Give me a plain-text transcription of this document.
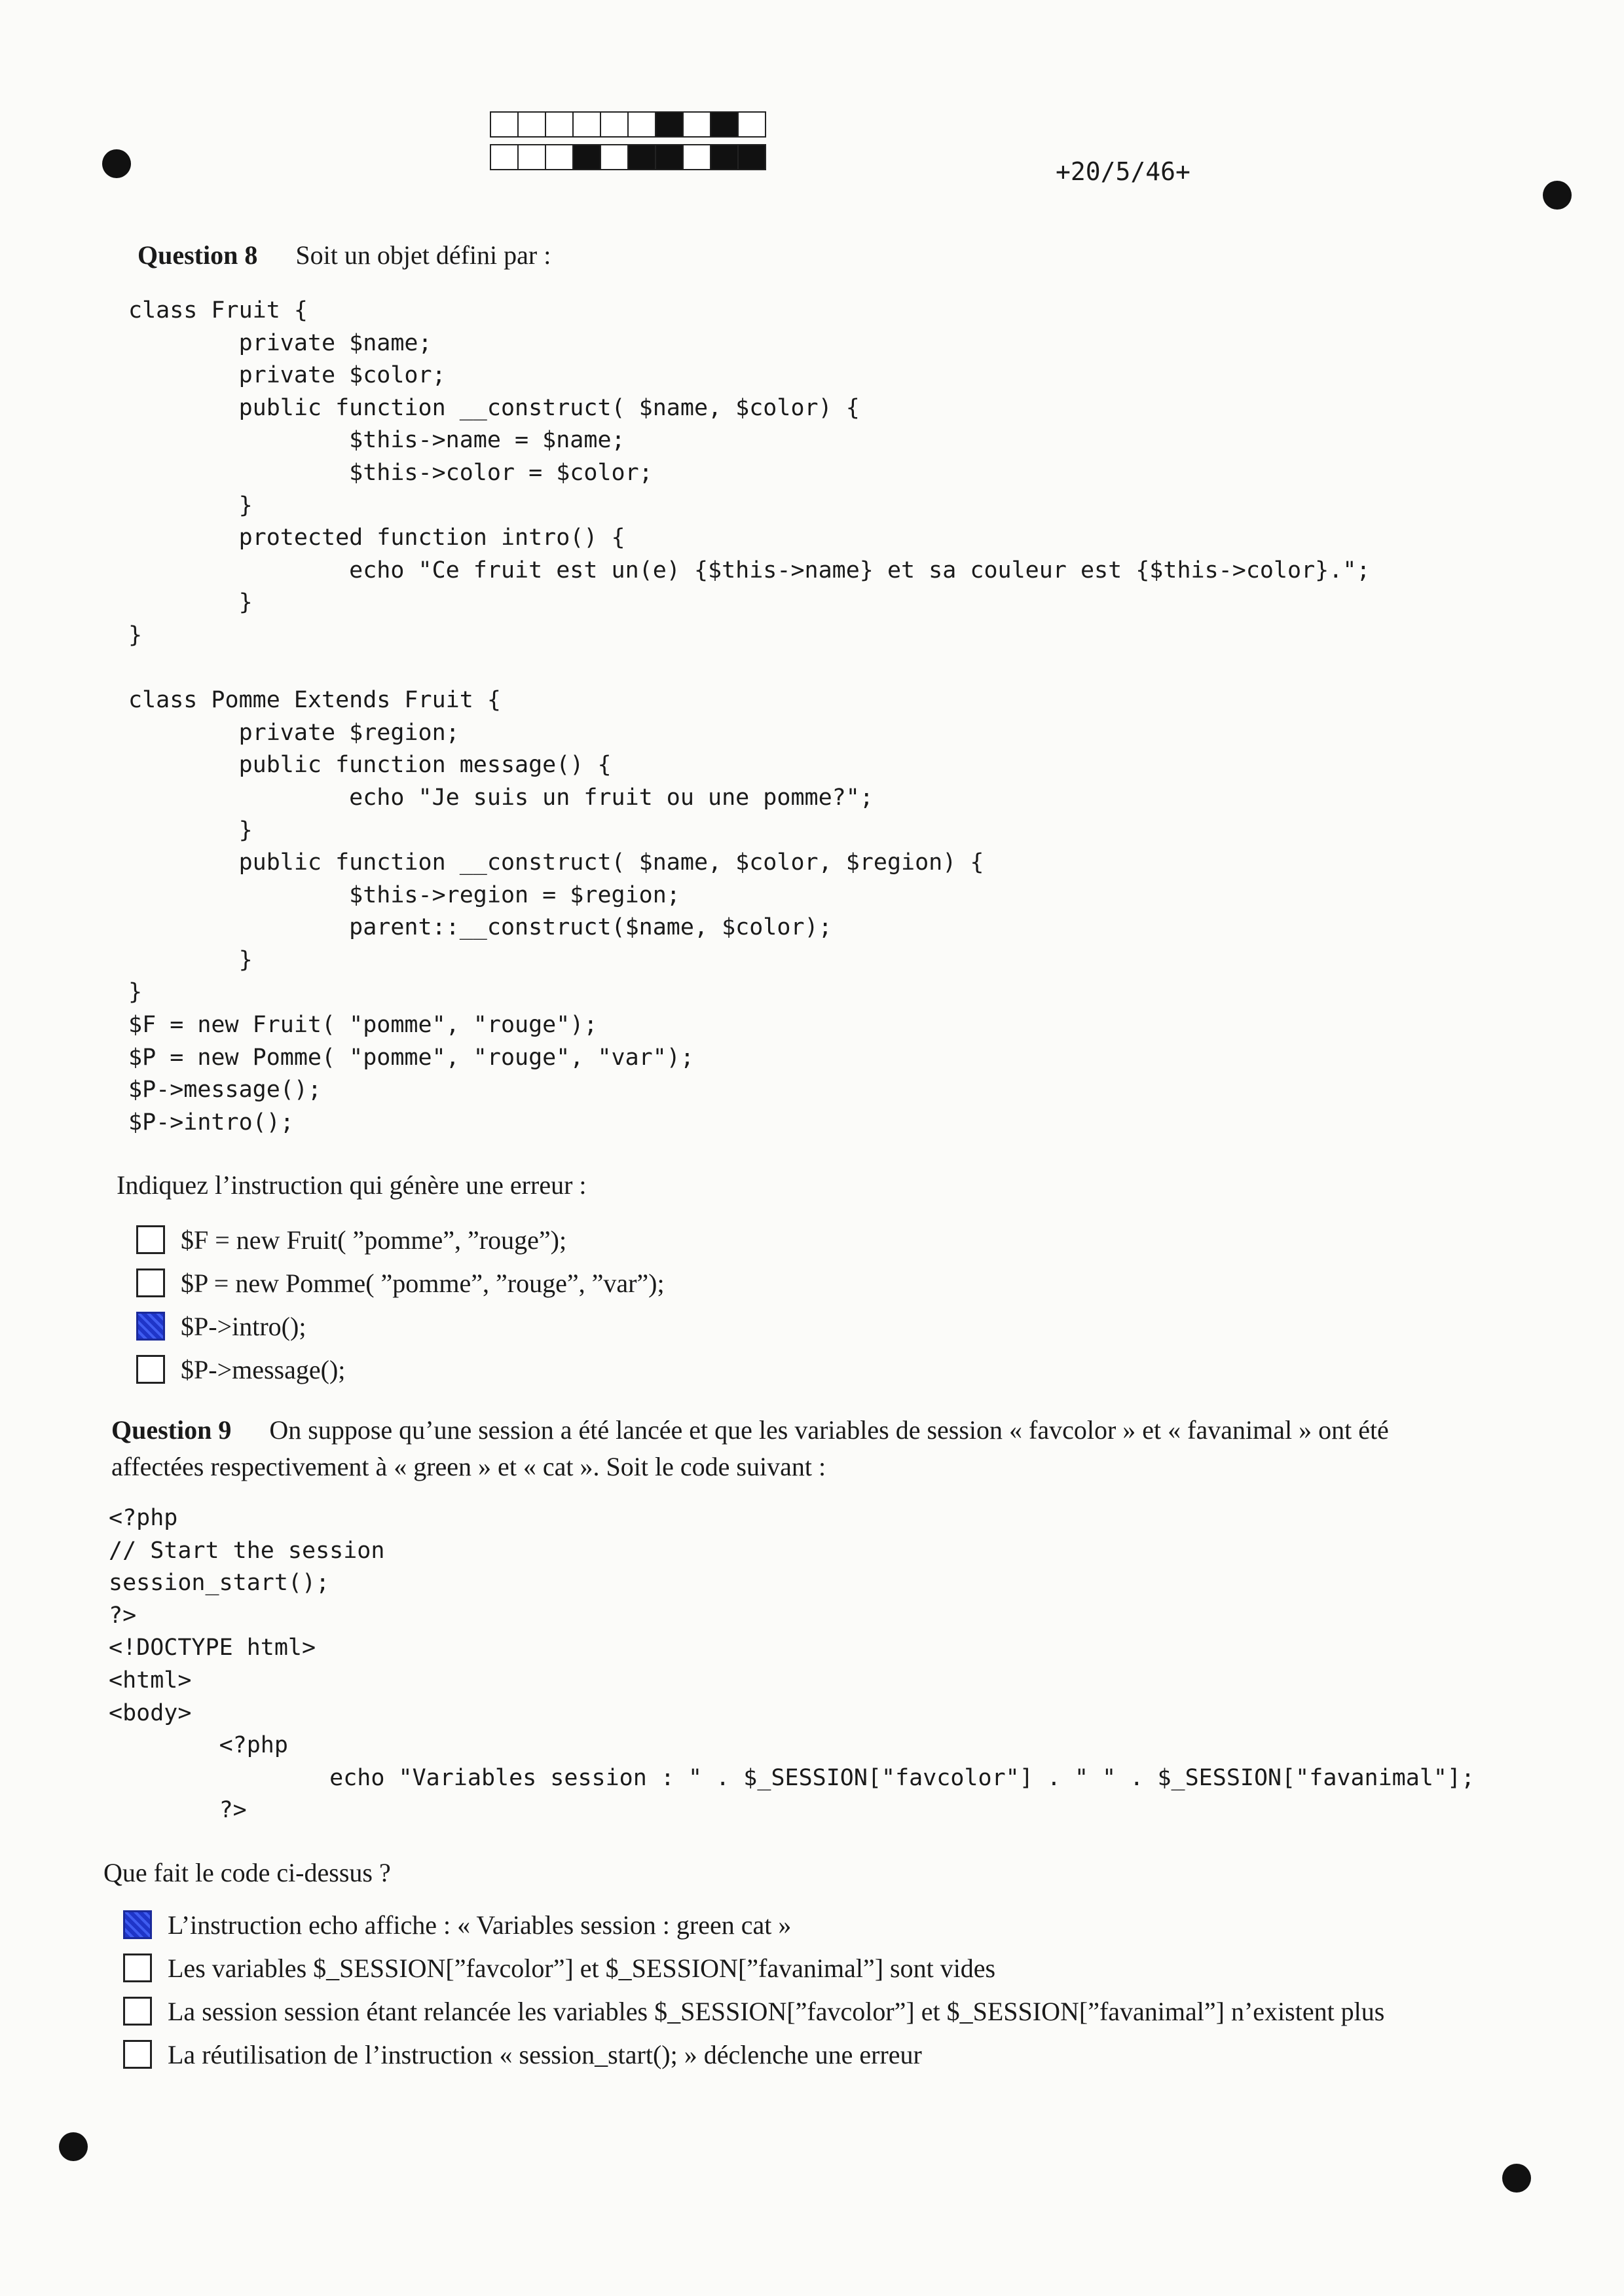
+20/5/46+
Question 8 Soit un objet défini par :
class Fruit {
private $name;
private $color;
public function __construct( $name, $color) {
$this->name = $name;
$this->color = $color;
}
protected function intro() {
echo "Ce fruit est un(e) {$this->name} et sa couleur est {$this->color}.";
}
}
class Pomme Extends Fruit {
private $region;
public function message() {
echo "Je suis un fruit ou une pomme?";
}
public function __construct( $name, $color, $region) {
$this->region = $region;
parent::__construct($name, $color);
}
}
$F = new Fruit( "pomme", "rouge");
$P = new Pomme( "pomme", "rouge", "var");
$P->message();
$P->intro();
Indiquez l’instruction qui génère une erreur :
$F = new Fruit( ”pomme”, ”rouge”);
$P = new Pomme( ”pomme”, ”rouge”, ”var”);
$P->intro();
$P->message();
Question 9 On suppose qu’une session a été lancée et que les variables de session « favcolor » et « favanimal » ont été
affectées respectivement à « green » et « cat ». Soit le code suivant :
<?php
// Start the session
session_start();
?>
<!DOCTYPE html>
<html>
<body>
<?php
echo "Variables session : " . $_SESSION["favcolor"] . " " . $_SESSION["favanimal"];
?>
Que fait le code ci-dessus ?
L’instruction echo affiche : « Variables session : green cat »
Les variables $_SESSION[”favcolor”] et $_SESSION[”favanimal”] sont vides
La session session étant relancée les variables $_SESSION[”favcolor”] et $_SESSION[”favanimal”] n’existent plus
La réutilisation de l’instruction « session_start(); » déclenche une erreur
